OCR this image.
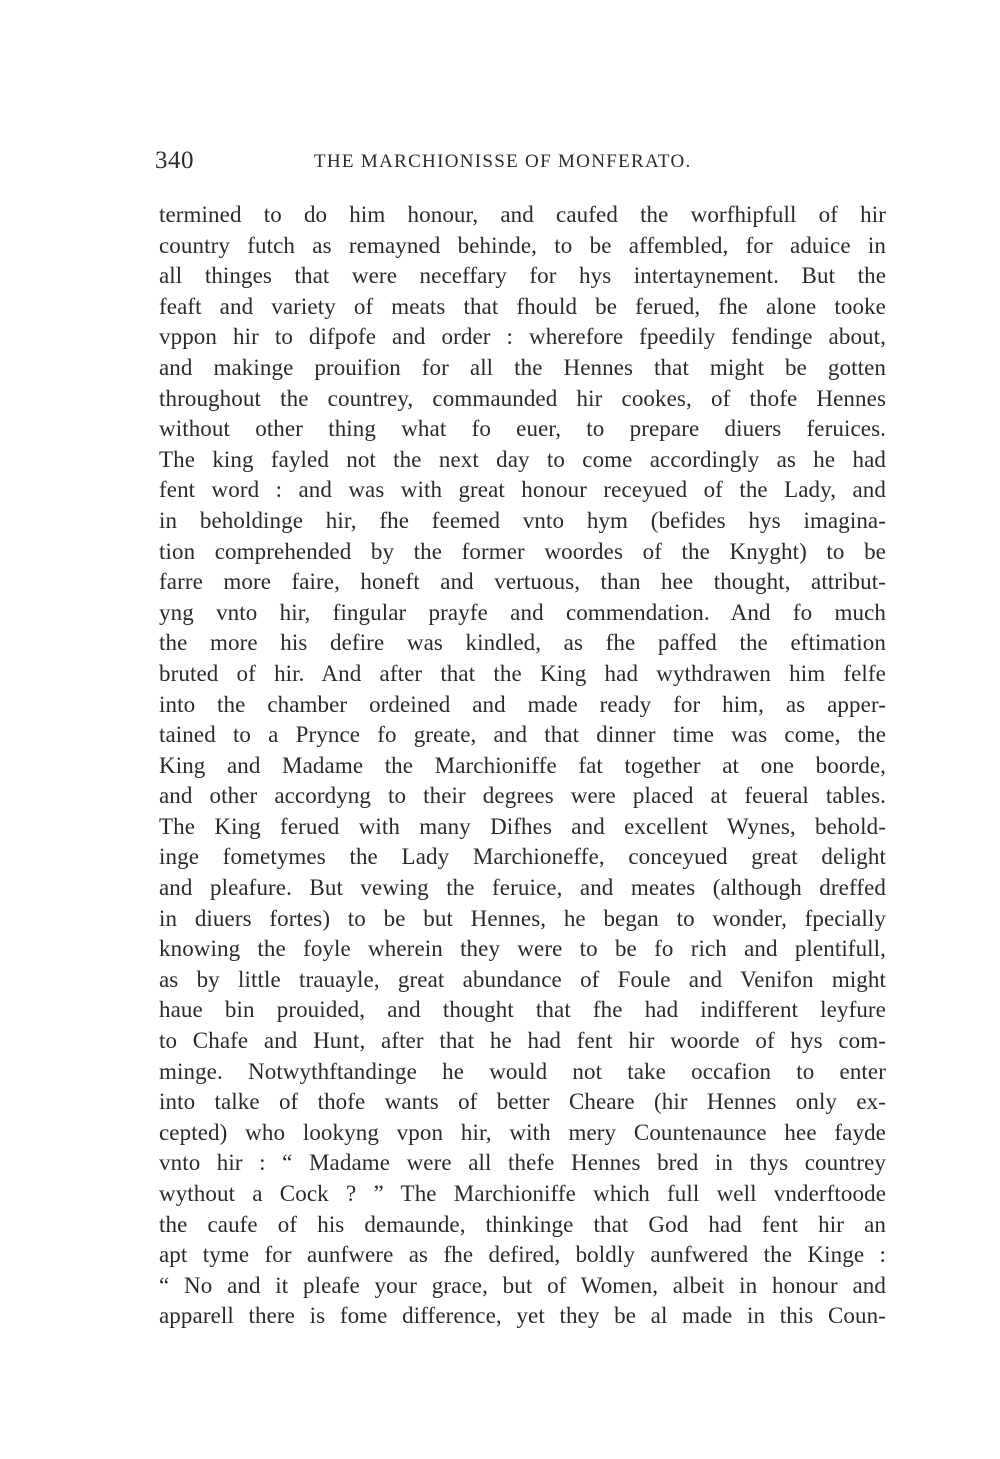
340	THE MARCHIONISSE OF MONFERATO.
termined to do him honour, and caufed the worfhipfull of hir
country futch as remayned behinde, to be affembled, for aduice in
all thinges that were neceffary for hys intertaynement. But the
feaft and variety of meats that fhould be ferued, fhe alone tooke
vppon hir to difpofe and order : wherefore fpeedily fendinge about,
and makinge prouifion for all the Hennes that might be gotten
throughout the countrey, commaunded hir cookes, of thofe Hennes
without other thing what fo euer, to prepare diuers feruices.
The king fayled not the next day to come accordingly as he had
fent word : and was with great honour receyued of the Lady, and
in beholdinge hir, fhe feemed vnto hym (befides hys imagina-
tion comprehended by the former woordes of the Knyght) to be
farre more faire, honeft and vertuous, than hee thought, attribut-
yng vnto hir, fingular prayfe and commendation. And fo much
the more his defire was kindled, as fhe paffed the eftimation
bruted of hir. And after that the King had wythdrawen him felfe
into the chamber ordeined and made ready for him, as apper-
tained to a Prynce fo greate, and that dinner time was come, the
King and Madame the Marchioniffe fat together at one boorde,
and other accordyng to their degrees were placed at feueral tables.
The King ferued with many Difhes and excellent Wynes, behold-
inge fometymes the Lady Marchioneffe, conceyued great delight
and pleafure. But vewing the feruice, and meates (although dreffed
in diuers fortes) to be but Hennes, he began to wonder, fpecially
knowing the foyle wherein they were to be fo rich and plentifull,
as by little trauayle, great abundance of Foule and Venifon might
haue bin prouided, and thought that fhe had indifferent leyfure
to Chafe and Hunt, after that he had fent hir woorde of hys com-
minge. Notwythftandinge he would not take occafion to enter
into talke of thofe wants of better Cheare (hir Hennes only ex-
cepted) who lookyng vpon hir, with mery Countenaunce hee fayde
vnto hir : “ Madame were all thefe Hennes bred in thys countrey
wythout a Cock ? ” The Marchioniffe which full well vnderftoode
the caufe of his demaunde, thinkinge that God had fent hir an
apt tyme for aunfwere as fhe defired, boldly aunfwered the Kinge :
“ No and it pleafe your grace, but of Women, albeit in honour and
apparell there is fome difference, yet they be al made in this Coun-
